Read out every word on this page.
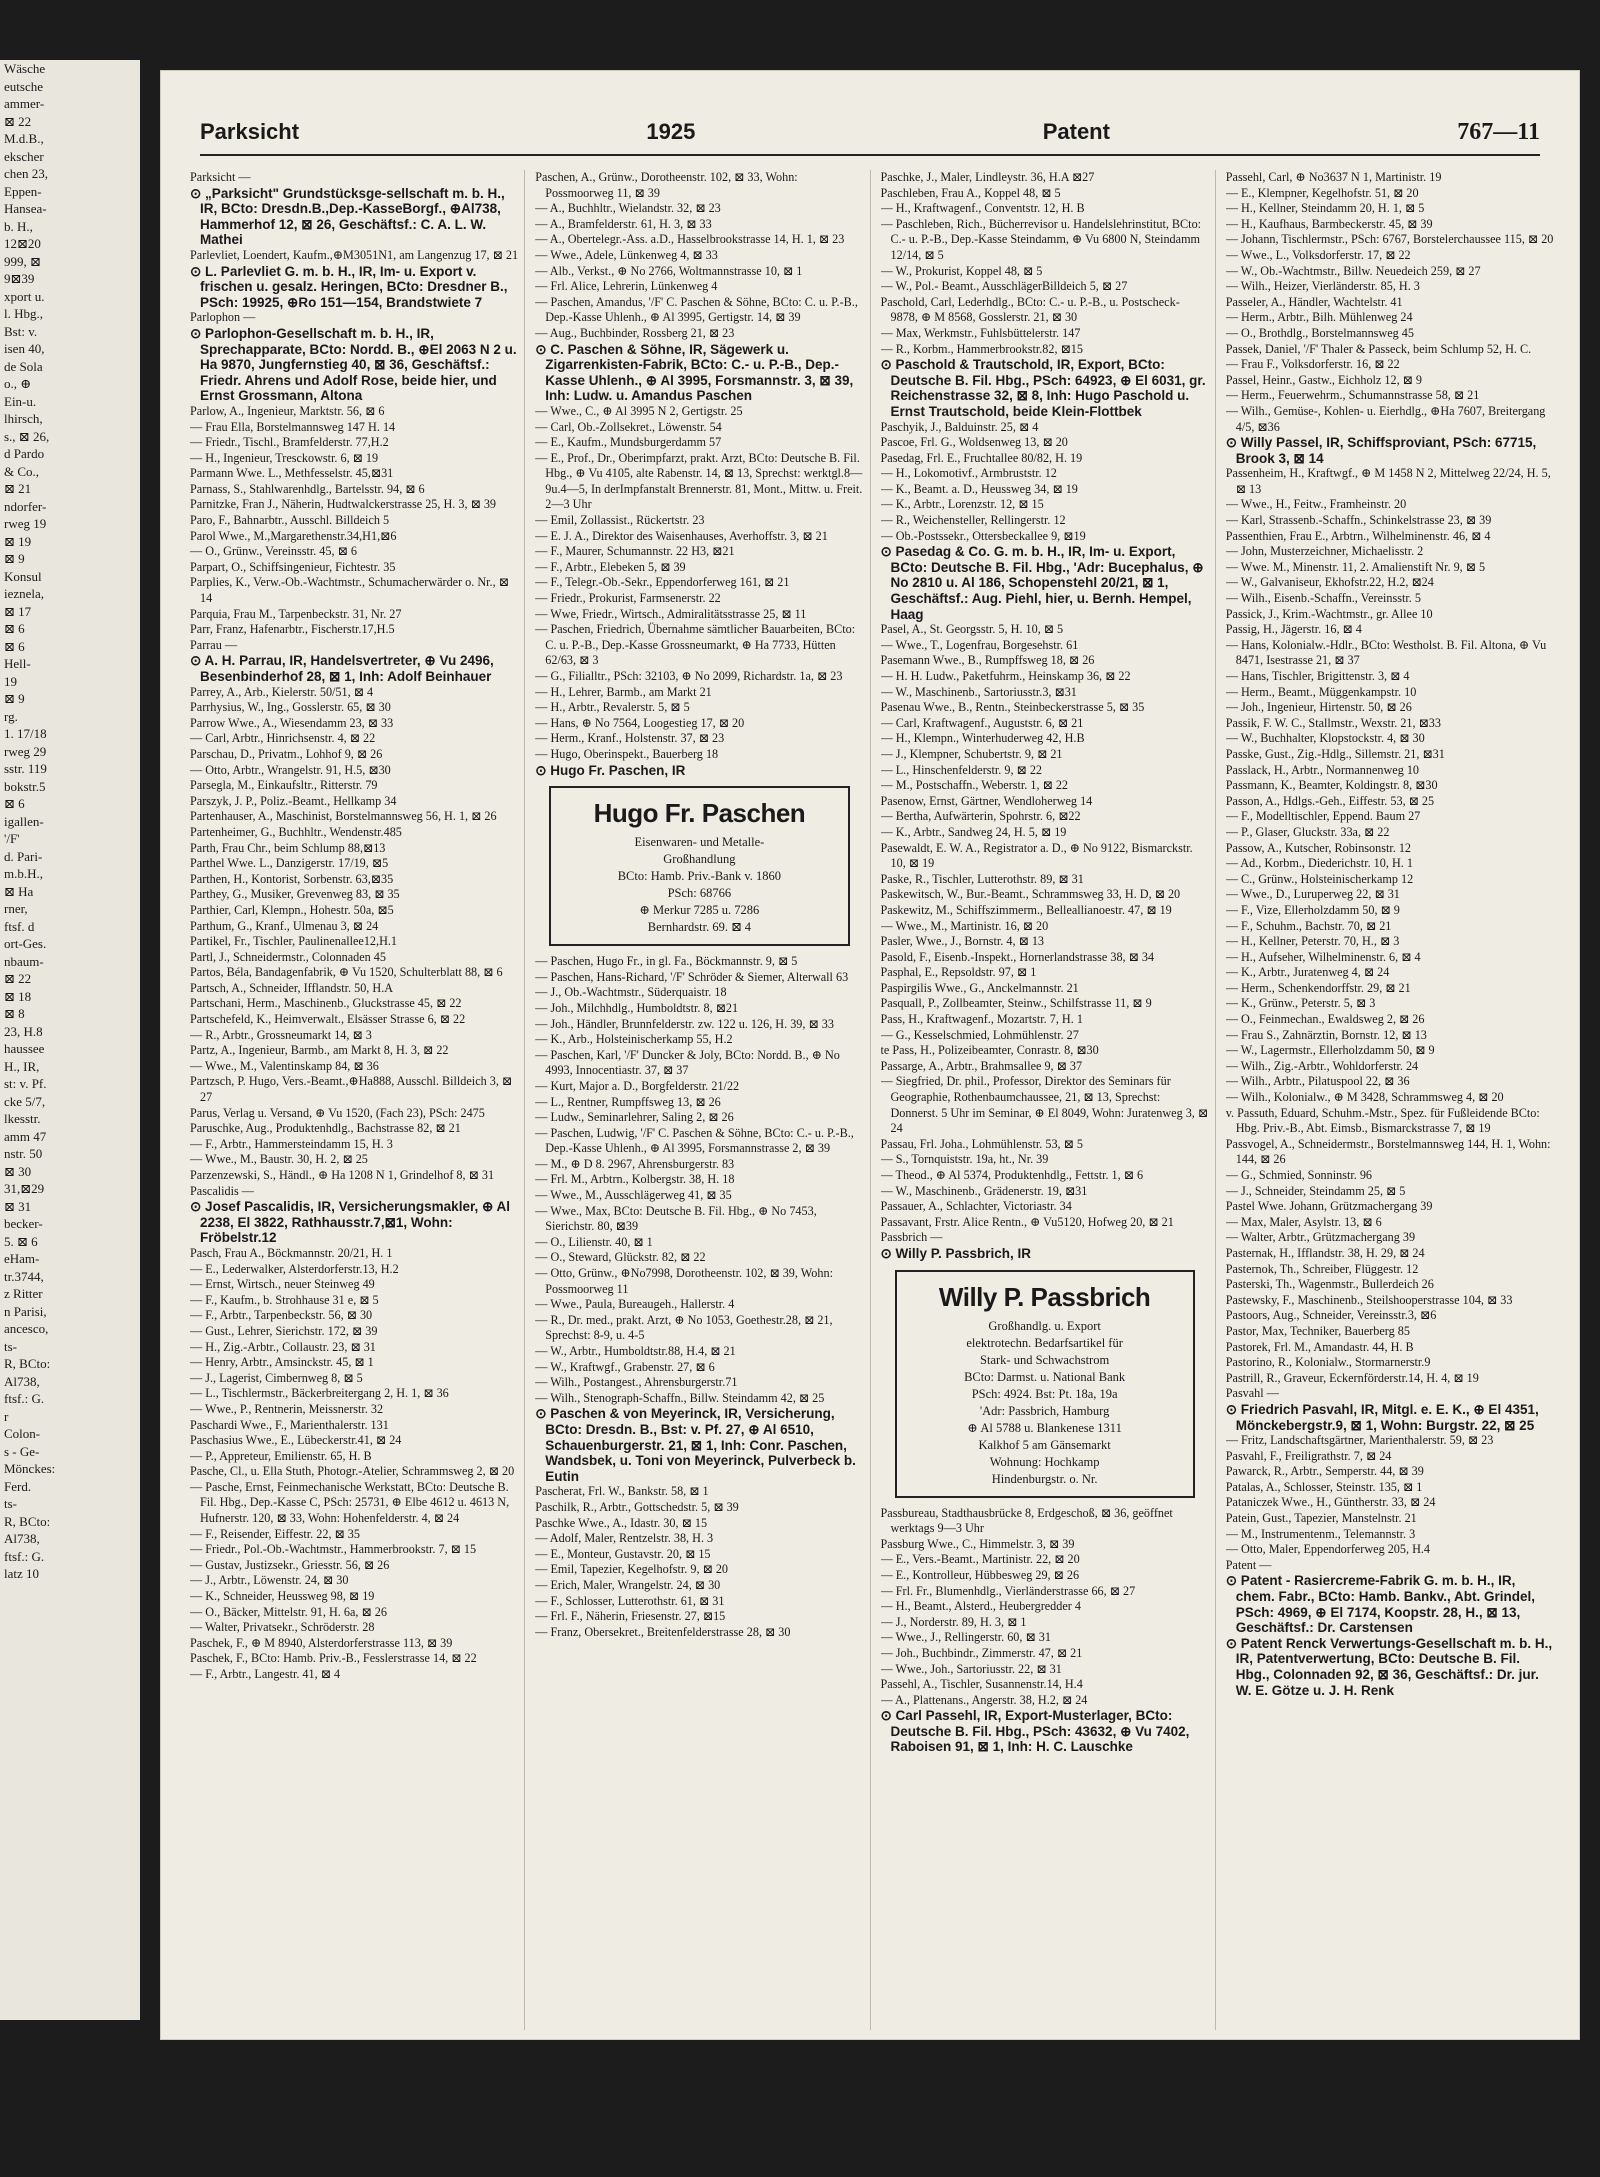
Wäsche
eutsche
ammer-
⊠ 22
M.d.B.,
ekscher
chen 23,
Eppen-
Hansea-
b. H.,
12⊠20
999, ⊠
9⊠39
xport u.
l. Hbg.,
Bst: v.
isen 40,
de Sola
o., ⊕
Ein-u.
lhirsch,
s., ⊠ 26,
d Pardo
& Co.,
⊠ 21
ndorfer-
rweg 19
⊠ 19
⊠ 9
Konsul
ieznela,
⊠ 17
⊠ 6
⊠ 6
Hell-
19
⊠ 9
rg.
1. 17/18
rweg 29
sstr. 119
bokstr.5
⊠ 6
igallen-
'/F'
d. Pari-
m.b.H.,
⊠ Ha
rner,
ftsf. d
ort-Ges.
nbaum-
⊠ 22
⊠ 18
⊠ 8
23, H.8
haussee
H., IR,
st: v. Pf.
cke 5/7,
lkesstr.
amm 47
nstr. 50
⊠ 30
31,⊠29
⊠ 31
becker-
5. ⊠ 6
eHam-
tr.3744,
z Ritter
n Parisi,
ancesco,
ts-
R, BCto:
Al738,
ftsf.: G.
r
Colon-
s - Ge-
Mönckes:
Ferd.
ts-
R, BCto:
Al738,
ftsf.: G.
latz 10
Parksicht	1925	Patent	767—11

Parksicht —

⊙ „Parksicht" Grundstücksge-sellschaft m. b. H., IR, BCto: Dresdn.B.,Dep.-KasseBorgf., ⊕Al738, Hammerhof 12, ⊠ 26, Geschäftsf.: C. A. L. W. Mathei

Parlevliet, Loendert, Kaufm.,⊕M3051N1, am Langenzug 17, ⊠ 21

⊙ L. Parlevliet G. m. b. H., IR, Im- u. Export v. frischen u. gesalz. Heringen, BCto: Dresdner B., PSch: 19925, ⊕Ro 151—154, Brandstwiete 7

Parlophon —

⊙ Parlophon-Gesellschaft m. b. H., IR, Sprechapparate, BCto: Nordd. B., ⊕El 2063 N 2 u. Ha 9870, Jungfernstieg 40, ⊠ 36, Geschäftsf.: Friedr. Ahrens und Adolf Rose, beide hier, und Ernst Grossmann, Altona

Parlow, A., Ingenieur, Marktstr. 56, ⊠ 6

— Frau Ella, Borstelmannsweg 147 H. 14

— Friedr., Tischl., Bramfelderstr. 77,H.2

— H., Ingenieur, Tresckowstr. 6, ⊠ 19

Parmann Wwe. L., Methfesselstr. 45,⊠31

Parnass, S., Stahlwarenhdlg., Bartelsstr. 94, ⊠ 6

Parnitzke, Fran J., Näherin, Hudtwalckerstrasse 25, H. 3, ⊠ 39

Paro, F., Bahnarbtr., Ausschl. Billdeich 5

Parol Wwe., M.,Margarethenstr.34,H1,⊠6

— O., Grünw., Vereinsstr. 45, ⊠ 6

Parpart, O., Schiffsingenieur, Fichtestr. 35

Parplies, K., Verw.-Ob.-Wachtmstr., Schumacherwärder o. Nr., ⊠ 14

Parquia, Frau M., Tarpenbeckstr. 31, Nr. 27

Parr, Franz, Hafenarbtr., Fischerstr.17,H.5

Parrau —

⊙ A. H. Parrau, IR, Handelsvertreter, ⊕ Vu 2496, Besenbinderhof 28, ⊠ 1, Inh: Adolf Beinhauer

Parrey, A., Arb., Kielerstr. 50/51, ⊠ 4

Parrhysius, W., Ing., Gosslerstr. 65, ⊠ 30

Parrow Wwe., A., Wiesendamm 23, ⊠ 33

— Carl, Arbtr., Hinrichsenstr. 4, ⊠ 22

Parschau, D., Privatm., Lohhof 9, ⊠ 26

— Otto, Arbtr., Wrangelstr. 91, H.5, ⊠30

Parsegla, M., Einkaufsltr., Ritterstr. 79

Parszyk, J. P., Poliz.-Beamt., Hellkamp 34

Partenhauser, A., Maschinist, Borstelmannsweg 56, H. 1, ⊠ 26

Partenheimer, G., Buchhltr., Wendenstr.485

Parth, Frau Chr., beim Schlump 88,⊠13

Parthel Wwe. L., Danzigerstr. 17/19, ⊠5

Parthen, H., Kontorist, Sorbenstr. 63,⊠35

Parthey, G., Musiker, Grevenweg 83, ⊠ 35

Parthier, Carl, Klempn., Hohestr. 50a, ⊠5

Parthum, G., Kranf., Ulmenau 3, ⊠ 24

Partikel, Fr., Tischler, Paulinenallee12,H.1

Partl, J., Schneidermstr., Colonnaden 45

Partos, Béla, Bandagenfabrik, ⊕ Vu 1520, Schulterblatt 88, ⊠ 6

Partsch, A., Schneider, Ifflandstr. 50, H.A

Partschani, Herm., Maschinenb., Gluckstrasse 45, ⊠ 22

Partschefeld, K., Heimverwalt., Elsässer Strasse 6, ⊠ 22

— R., Arbtr., Grossneumarkt 14, ⊠ 3

Partz, A., Ingenieur, Barmb., am Markt 8, H. 3, ⊠ 22

— Wwe., M., Valentinskamp 84, ⊠ 36

Partzsch, P. Hugo, Vers.-Beamt.,⊕Ha888, Ausschl. Billdeich 3, ⊠ 27

Parus, Verlag u. Versand, ⊕ Vu 1520, (Fach 23), PSch: 2475

Paruschke, Aug., Produktenhdlg., Bachstrasse 82, ⊠ 21

— F., Arbtr., Hammersteindamm 15, H. 3

— Wwe., M., Baustr. 30, H. 2, ⊠ 25

Parzenzewski, S., Händl., ⊕ Ha 1208 N 1, Grindelhof 8, ⊠ 31

Pascalidis —

⊙ Josef Pascalidis, IR, Versicherungsmakler, ⊕ Al 2238, El 3822, Rathhausstr.7,⊠1, Wohn: Fröbelstr.12

Pasch, Frau A., Böckmannstr. 20/21, H. 1

— E., Lederwalker, Alsterdorferstr.13, H.2

— Ernst, Wirtsch., neuer Steinweg 49

— F., Kaufm., b. Strohhause 31 e, ⊠ 5

— F., Arbtr., Tarpenbeckstr. 56, ⊠ 30

— Gust., Lehrer, Sierichstr. 172, ⊠ 39

— H., Zig.-Arbtr., Collaustr. 23, ⊠ 31

— Henry, Arbtr., Amsinckstr. 45, ⊠ 1

— J., Lagerist, Cimbernweg 8, ⊠ 5

— L., Tischlermstr., Bäckerbreitergang 2, H. 1, ⊠ 36

— Wwe., P., Rentnerin, Meissnerstr. 32

Paschardi Wwe., F., Marienthalerstr. 131

Paschasius Wwe., E., Lübeckerstr.41, ⊠ 24

— P., Appreteur, Emilienstr. 65, H. B

Pasche, Cl., u. Ella Stuth, Photogr.-Atelier, Schrammsweg 2, ⊠ 20

— Pasche, Ernst, Feinmechanische Werkstatt, BCto: Deutsche B. Fil. Hbg., Dep.-Kasse C, PSch: 25731, ⊕ Elbe 4612 u. 4613 N, Hufnerstr. 120, ⊠ 33, Wohn: Hohenfelderstr. 4, ⊠ 24

— F., Reisender, Eiffestr. 22, ⊠ 35

— Friedr., Pol.-Ob.-Wachtmstr., Hammerbrookstr. 7, ⊠ 15

— Gustav, Justizsekr., Griesstr. 56, ⊠ 26

— J., Arbtr., Löwenstr. 24, ⊠ 30

— K., Schneider, Heussweg 98, ⊠ 19

— O., Bäcker, Mittelstr. 91, H. 6a, ⊠ 26

— Walter, Privatsekr., Schröderstr. 28

Paschek, F., ⊕ M 8940, Alsterdorferstrasse 113, ⊠ 39

Paschek, F., BCto: Hamb. Priv.-B., Fesslerstrasse 14, ⊠ 22

— F., Arbtr., Langestr. 41, ⊠ 4

Paschen, A., Grünw., Dorotheenstr. 102, ⊠ 33, Wohn: Possmoorweg 11, ⊠ 39

— A., Buchhltr., Wielandstr. 32, ⊠ 23

— A., Bramfelderstr. 61, H. 3, ⊠ 33

— A., Obertelegr.-Ass. a.D., Hasselbrookstrasse 14, H. 1, ⊠ 23

— Wwe., Adele, Lünkenweg 4, ⊠ 33

— Alb., Verkst., ⊕ No 2766, Woltmannstrasse 10, ⊠ 1

— Frl. Alice, Lehrerin, Lünkenweg 4

— Paschen, Amandus, '/F' C. Paschen & Söhne, BCto: C. u. P.-B., Dep.-Kasse Uhlenh., ⊕ Al 3995, Gertigstr. 14, ⊠ 39

— Aug., Buchbinder, Rossberg 21, ⊠ 23

⊙ C. Paschen & Söhne, IR, Sägewerk u. Zigarrenkisten-Fabrik, BCto: C.- u. P.-B., Dep.-Kasse Uhlenh., ⊕ Al 3995, Forsmannstr. 3, ⊠ 39, Inh: Ludw. u. Amandus Paschen

— Wwe., C., ⊕ Al 3995 N 2, Gertigstr. 25

— Carl, Ob.-Zollsekret., Löwenstr. 54

— E., Kaufm., Mundsburgerdamm 57

— E., Prof., Dr., Oberimpfarzt, prakt. Arzt, BCto: Deutsche B. Fil. Hbg., ⊕ Vu 4105, alte Rabenstr. 14, ⊠ 13, Sprechst: werktgl.8—9u.4—5, In derImpfanstalt Brennerstr. 81, Mont., Mittw. u. Freit. 2—3 Uhr

— Emil, Zollassist., Rückertstr. 23

— E. J. A., Direktor des Waisenhauses, Averhoffstr. 3, ⊠ 21

— F., Maurer, Schumannstr. 22 H3, ⊠21

— F., Arbtr., Elebeken 5, ⊠ 39

— F., Telegr.-Ob.-Sekr., Eppendorferweg 161, ⊠ 21

— Friedr., Prokurist, Farmsenerstr. 22

— Wwe, Friedr., Wirtsch., Admiralitätsstrasse 25, ⊠ 11

— Paschen, Friedrich, Übernahme sämtlicher Bauarbeiten, BCto: C. u. P.-B., Dep.-Kasse Grossneumarkt, ⊕ Ha 7733, Hütten 62/63, ⊠ 3

— G., Filialltr., PSch: 32103, ⊕ No 2099, Richardstr. 1a, ⊠ 23

— H., Lehrer, Barmb., am Markt 21

— H., Arbtr., Revalerstr. 5, ⊠ 5

— Hans, ⊕ No 7564, Loogestieg 17, ⊠ 20

— Herm., Kranf., Holstenstr. 37, ⊠ 23

— Hugo, Oberinspekt., Bauerberg 18

⊙ Hugo Fr. Paschen, IR

Hugo Fr. Paschen
Eisenwaren- und Metalle-
Großhandlung
BCto: Hamb. Priv.-Bank v. 1860
PSch: 68766
⊕ Merkur 7285 u. 7286
Bernhardstr. 69. ⊠ 4

— Paschen, Hugo Fr., in gl. Fa., Böckmannstr. 9, ⊠ 5

— Paschen, Hans-Richard, '/F' Schröder & Siemer, Alterwall 63

— J., Ob.-Wachtmstr., Süderquaistr. 18

— Joh., Milchhdlg., Humboldtstr. 8, ⊠21

— Joh., Händler, Brunnfelderstr. zw. 122 u. 126, H. 39, ⊠ 33

— K., Arb., Holsteinischerkamp 55, H.2

— Paschen, Karl, '/F' Duncker & Joly, BCto: Nordd. B., ⊕ No 4993, Innocentiastr. 37, ⊠ 37

— Kurt, Major a. D., Borgfelderstr. 21/22

— L., Rentner, Rumpffsweg 13, ⊠ 26

— Ludw., Seminarlehrer, Saling 2, ⊠ 26

— Paschen, Ludwig, '/F' C. Paschen & Söhne, BCto: C.- u. P.-B., Dep.-Kasse Uhlenh., ⊕ Al 3995, Forsmannstrasse 2, ⊠ 39

— M., ⊕ D 8. 2967, Ahrensburgerstr. 83

— Frl. M., Arbtrn., Kolbergstr. 38, H. 18

— Wwe., M., Ausschlägerweg 41, ⊠ 35

— Wwe., Max, BCto: Deutsche B. Fil. Hbg., ⊕ No 7453, Sierichstr. 80, ⊠39

— O., Lilienstr. 40, ⊠ 1

— O., Steward, Glückstr. 82, ⊠ 22

— Otto, Grünw., ⊕No7998, Dorotheenstr. 102, ⊠ 39, Wohn: Possmoorweg 11

— Wwe., Paula, Bureaugeh., Hallerstr. 4

— R., Dr. med., prakt. Arzt, ⊕ No 1053, Goethestr.28, ⊠ 21, Sprechst: 8-9, u. 4-5

— W., Arbtr., Humboldtstr.88, H.4, ⊠ 21

— W., Kraftwgf., Grabenstr. 27, ⊠ 6

— Wilh., Postangest., Ahrensburgerstr.71

— Wilh., Stenograph-Schaffn., Billw. Steindamm 42, ⊠ 25

⊙ Paschen & von Meyerinck, IR, Versicherung, BCto: Dresdn. B., Bst: v. Pf. 27, ⊕ Al 6510, Schauenburgerstr. 21, ⊠ 1, Inh: Conr. Paschen, Wandsbek, u. Toni von Meyerinck, Pulverbeck b. Eutin

Pascherat, Frl. W., Bankstr. 58, ⊠ 1

Paschilk, R., Arbtr., Gottschedstr. 5, ⊠ 39

Paschke Wwe., A., Idastr. 30, ⊠ 15

— Adolf, Maler, Rentzelstr. 38, H. 3

— E., Monteur, Gustavstr. 20, ⊠ 15

— Emil, Tapezier, Kegelhofstr. 9, ⊠ 20

— Erich, Maler, Wrangelstr. 24, ⊠ 30

— F., Schlosser, Lutterothstr. 61, ⊠ 31

— Frl. F., Näherin, Friesenstr. 27, ⊠15

— Franz, Obersekret., Breitenfelderstrasse 28, ⊠ 30

Paschke, J., Maler, Lindleystr. 36, H.A ⊠27

Paschleben, Frau A., Koppel 48, ⊠ 5

— H., Kraftwagenf., Conventstr. 12, H. B

— Paschleben, Rich., Bücherrevisor u. Handelslehrinstitut, BCto: C.- u. P.-B., Dep.-Kasse Steindamm, ⊕ Vu 6800 N, Steindamm 12/14, ⊠ 5

— W., Prokurist, Koppel 48, ⊠ 5

— W., Pol.- Beamt., AusschlägerBilldeich 5, ⊠ 27

Paschold, Carl, Lederhdlg., BCto: C.- u. P.-B., u. Postscheck- 9878, ⊕ M 8568, Gosslerstr. 21, ⊠ 30

— Max, Werkmstr., Fuhlsbüttelerstr. 147

— R., Korbm., Hammerbrookstr.82, ⊠15

⊙ Paschold & Trautschold, IR, Export, BCto: Deutsche B. Fil. Hbg., PSch: 64923, ⊕ El 6031, gr. Reichenstrasse 32, ⊠ 8, Inh: Hugo Paschold u. Ernst Trautschold, beide Klein-Flottbek

Paschyik, J., Balduinstr. 25, ⊠ 4

Pascoe, Frl. G., Woldsenweg 13, ⊠ 20

Pasedag, Frl. E., Fruchtallee 80/82, H. 19

— H., Lokomotivf., Armbruststr. 12

— K., Beamt. a. D., Heussweg 34, ⊠ 19

— K., Arbtr., Lorenzstr. 12, ⊠ 15

— R., Weichensteller, Rellingerstr. 12

— Ob.-Postssekr., Ottersbeckallee 9, ⊠19

⊙ Pasedag & Co. G. m. b. H., IR, Im- u. Export, BCto: Deutsche B. Fil. Hbg., 'Adr: Bucephalus, ⊕ No 2810 u. Al 186, Schopenstehl 20/21, ⊠ 1, Geschäftsf.: Aug. Piehl, hier, u. Bernh. Hempel, Haag

Pasel, A., St. Georgsstr. 5, H. 10, ⊠ 5

— Wwe., T., Logenfrau, Borgesehstr. 61

Pasemann Wwe., B., Rumpffsweg 18, ⊠ 26

— H. H. Ludw., Paketfuhrm., Heinskamp 36, ⊠ 22

— W., Maschinenb., Sartoriusstr.3, ⊠31

Pasenau Wwe., B., Rentn., Steinbeckerstrasse 5, ⊠ 35

— Carl, Kraftwagenf., Auguststr. 6, ⊠ 21

— H., Klempn., Winterhuderweg 42, H.B

— J., Klempner, Schubertstr. 9, ⊠ 21

— L., Hinschenfelderstr. 9, ⊠ 22

— M., Postschaffn., Weberstr. 1, ⊠ 22

Pasenow, Ernst, Gärtner, Wendloherweg 14

— Bertha, Aufwärterin, Spohrstr. 6, ⊠22

— K., Arbtr., Sandweg 24, H. 5, ⊠ 19

Pasewaldt, E. W. A., Registrator a. D., ⊕ No 9122, Bismarckstr. 10, ⊠ 19

Paske, R., Tischler, Lutterothstr. 89, ⊠ 31

Paskewitsch, W., Bur.-Beamt., Schrammsweg 33, H. D, ⊠ 20

Paskewitz, M., Schiffszimmerm., Belleallianoestr. 47, ⊠ 19

— Wwe., M., Martinistr. 16, ⊠ 20

Pasler, Wwe., J., Bornstr. 4, ⊠ 13

Pasold, F., Eisenb.-Inspekt., Hornerlandstrasse 38, ⊠ 34

Pasphal, E., Repsoldstr. 97, ⊠ 1

Paspirgilis Wwe., G., Anckelmannstr. 21

Pasquall, P., Zollbeamter, Steinw., Schilfstrasse 11, ⊠ 9

Pass, H., Kraftwagenf., Mozartstr. 7, H. 1

— G., Kesselschmied, Lohmühlenstr. 27

te Pass, H., Polizeibeamter, Conrastr. 8, ⊠30

Passarge, A., Arbtr., Brahmsallee 9, ⊠ 37

— Siegfried, Dr. phil., Professor, Direktor des Seminars für Geographie, Rothenbaumchaussee, 21, ⊠ 13, Sprechst: Donnerst. 5 Uhr im Seminar, ⊕ El 8049, Wohn: Juratenweg 3, ⊠ 24

Passau, Frl. Joha., Lohmühlenstr. 53, ⊠ 5

— S., Tornquiststr. 19a, ht., Nr. 39

— Theod., ⊕ Al 5374, Produktenhdlg., Fettstr. 1, ⊠ 6

— W., Maschinenb., Grädenerstr. 19, ⊠31

Passauer, A., Schlachter, Victoriastr. 34

Passavant, Frstr. Alice Rentn., ⊕ Vu5120, Hofweg 20, ⊠ 21

Passbrich —

⊙ Willy P. Passbrich, IR

Willy P. Passbrich
Großhandlg. u. Export
elektrotechn. Bedarfsartikel für
Stark- und Schwachstrom
BCto: Darmst. u. National Bank
PSch: 4924. Bst: Pt. 18a, 19a
'Adr: Passbrich, Hamburg
⊕ Al 5788 u. Blankenese 1311
Kalkhof 5 am Gänsemarkt
Wohnung: Hochkamp
Hindenburgstr. o. Nr.

Passbureau, Stadthausbrücke 8, Erdgeschoß, ⊠ 36, geöffnet werktags 9—3 Uhr

Passburg Wwe., C., Himmelstr. 3, ⊠ 39

— E., Vers.-Beamt., Martinistr. 22, ⊠ 20

— E., Kontrolleur, Hübbesweg 29, ⊠ 26

— Frl. Fr., Blumenhdlg., Vierländerstrasse 66, ⊠ 27

— H., Beamt., Alsterd., Heubergredder 4

— J., Norderstr. 89, H. 3, ⊠ 1

— Wwe., J., Rellingerstr. 60, ⊠ 31

— Joh., Buchbindr., Zimmerstr. 47, ⊠ 21

— Wwe., Joh., Sartoriusstr. 22, ⊠ 31

Passehl, A., Tischler, Susannenstr.14, H.4

— A., Plattenans., Angerstr. 38, H.2, ⊠ 24

⊙ Carl Passehl, IR, Export-Musterlager, BCto: Deutsche B. Fil. Hbg., PSch: 43632, ⊕ Vu 7402, Raboisen 91, ⊠ 1, Inh: H. C. Lauschke

Passehl, Carl, ⊕ No3637 N 1, Martinistr. 19

— E., Klempner, Kegelhofstr. 51, ⊠ 20

— H., Kellner, Steindamm 20, H. 1, ⊠ 5

— H., Kaufhaus, Barmbeckerstr. 45, ⊠ 39

— Johann, Tischlermstr., PSch: 6767, Borstelerchaussee 115, ⊠ 20

— Wwe., L., Volksdorferstr. 17, ⊠ 22

— W., Ob.-Wachtmstr., Billw. Neuedeich 259, ⊠ 27

— Wilh., Heizer, Vierländerstr. 85, H. 3

Passeler, A., Händler, Wachtelstr. 41

— Herm., Arbtr., Bilh. Mühlenweg 24

— O., Brothdlg., Borstelmannsweg 45

Passek, Daniel, '/F' Thaler & Passeck, beim Schlump 52, H. C.

— Frau F., Volksdorferstr. 16, ⊠ 22

Passel, Heinr., Gastw., Eichholz 12, ⊠ 9

— Herm., Feuerwehrm., Schumannstrasse 58, ⊠ 21

— Wilh., Gemüse-, Kohlen- u. Eierhdlg., ⊕Ha 7607, Breitergang 4/5, ⊠36

⊙ Willy Passel, IR, Schiffsproviant, PSch: 67715, Brook 3, ⊠ 14

Passenheim, H., Kraftwgf., ⊕ M 1458 N 2, Mittelweg 22/24, H. 5, ⊠ 13

— Wwe., H., Feitw., Framheinstr. 20

— Karl, Strassenb.-Schaffn., Schinkelstrasse 23, ⊠ 39

Passenthien, Frau E., Arbtrn., Wilhelminenstr. 46, ⊠ 4

— John, Musterzeichner, Michaelisstr. 2

— Wwe. M., Minenstr. 11, 2. Amalienstift Nr. 9, ⊠ 5

— W., Galvaniseur, Ekhofstr.22, H.2, ⊠24

— Wilh., Eisenb.-Schaffn., Vereinsstr. 5

Passick, J., Krim.-Wachtmstr., gr. Allee 10

Passig, H., Jägerstr. 16, ⊠ 4

— Hans, Kolonialw.-Hdlr., BCto: Westholst. B. Fil. Altona, ⊕ Vu 8471, Isestrasse 21, ⊠ 37

— Hans, Tischler, Brigittenstr. 3, ⊠ 4

— Herm., Beamt., Müggenkampstr. 10

— Joh., Ingenieur, Hirtenstr. 50, ⊠ 26

Passik, F. W. C., Stallmstr., Wexstr. 21, ⊠33

— W., Buchhalter, Klopstockstr. 4, ⊠ 30

Passke, Gust., Zig.-Hdlg., Sillemstr. 21, ⊠31

Passlack, H., Arbtr., Normannenweg 10

Passmann, K., Beamter, Koldingstr. 8, ⊠30

Passon, A., Hdlgs.-Geh., Eiffestr. 53, ⊠ 25

— F., Modelltischler, Eppend. Baum 27

— P., Glaser, Gluckstr. 33a, ⊠ 22

Passow, A., Kutscher, Robinsonstr. 12

— Ad., Korbm., Diederichstr. 10, H. 1

— C., Grünw., Holsteinischerkamp 12

— Wwe., D., Luruperweg 22, ⊠ 31

— F., Vize, Ellerholzdamm 50, ⊠ 9

— F., Schuhm., Bachstr. 70, ⊠ 21

— H., Kellner, Peterstr. 70, H., ⊠ 3

— H., Aufseher, Wilhelminenstr. 6, ⊠ 4

— K., Arbtr., Juratenweg 4, ⊠ 24

— Herm., Schenkendorffstr. 29, ⊠ 21

— K., Grünw., Peterstr. 5, ⊠ 3

— O., Feinmechan., Ewaldsweg 2, ⊠ 26

— Frau S., Zahnärztin, Bornstr. 12, ⊠ 13

— W., Lagermstr., Ellerholzdamm 50, ⊠ 9

— Wilh., Zig.-Arbtr., Wohldorferstr. 24

— Wilh., Arbtr., Pilatuspool 22, ⊠ 36

— Wilh., Kolonialw., ⊕ M 3428, Schrammsweg 4, ⊠ 20

v. Passuth, Eduard, Schuhm.-Mstr., Spez. für Fußleidende BCto: Hbg. Priv.-B., Abt. Eimsb., Bismarckstrasse 7, ⊠ 19

Passvogel, A., Schneidermstr., Borstelmannsweg 144, H. 1, Wohn: 144, ⊠ 26

— G., Schmied, Sonninstr. 96

— J., Schneider, Steindamm 25, ⊠ 5

Pastel Wwe. Johann, Grützmachergang 39

— Max, Maler, Asylstr. 13, ⊠ 6

— Walter, Arbtr., Grützmachergang 39

Pasternak, H., Ifflandstr. 38, H. 29, ⊠ 24

Pasternok, Th., Schreiber, Flüggestr. 12

Pasterski, Th., Wagenmstr., Bullerdeich 26

Pastewsky, F., Maschinenb., Steilshooperstrasse 104, ⊠ 33

Pastoors, Aug., Schneider, Vereinsstr.3, ⊠6

Pastor, Max, Techniker, Bauerberg 85

Pastorek, Frl. M., Amandastr. 44, H. B

Pastorino, R., Kolonialw., Stormarnerstr.9

Pastrill, R., Graveur, Eckernförderstr.14, H. 4, ⊠ 19

Pasvahl —

⊙ Friedrich Pasvahl, IR, Mitgl. e. E. K., ⊕ El 4351, Mönckebergstr.9, ⊠ 1, Wohn: Burgstr. 22, ⊠ 25

— Fritz, Landschaftsgärtner, Marienthalerstr. 59, ⊠ 23

Pasvahl, F., Freiligrathstr. 7, ⊠ 24

Pawarck, R., Arbtr., Semperstr. 44, ⊠ 39

Patalas, A., Schlosser, Steinstr. 135, ⊠ 1

Pataniczek Wwe., H., Güntherstr. 33, ⊠ 24

Patein, Gust., Tapezier, Manstelnstr. 21

— M., Instrumentenm., Telemannstr. 3

— Otto, Maler, Eppendorferweg 205, H.4

Patent —

⊙ Patent - Rasiercreme-Fabrik G. m. b. H., IR, chem. Fabr., BCto: Hamb. Bankv., Abt. Grindel, PSch: 4969, ⊕ El 7174, Koopstr. 28, H., ⊠ 13, Geschäftsf.: Dr. Carstensen

⊙ Patent Renck Verwertungs-Gesellschaft m. b. H., IR, Patentverwertung, BCto: Deutsche B. Fil. Hbg., Colonnaden 92, ⊠ 36, Geschäftsf.: Dr. jur. W. E. Götze u. J. H. Renk
